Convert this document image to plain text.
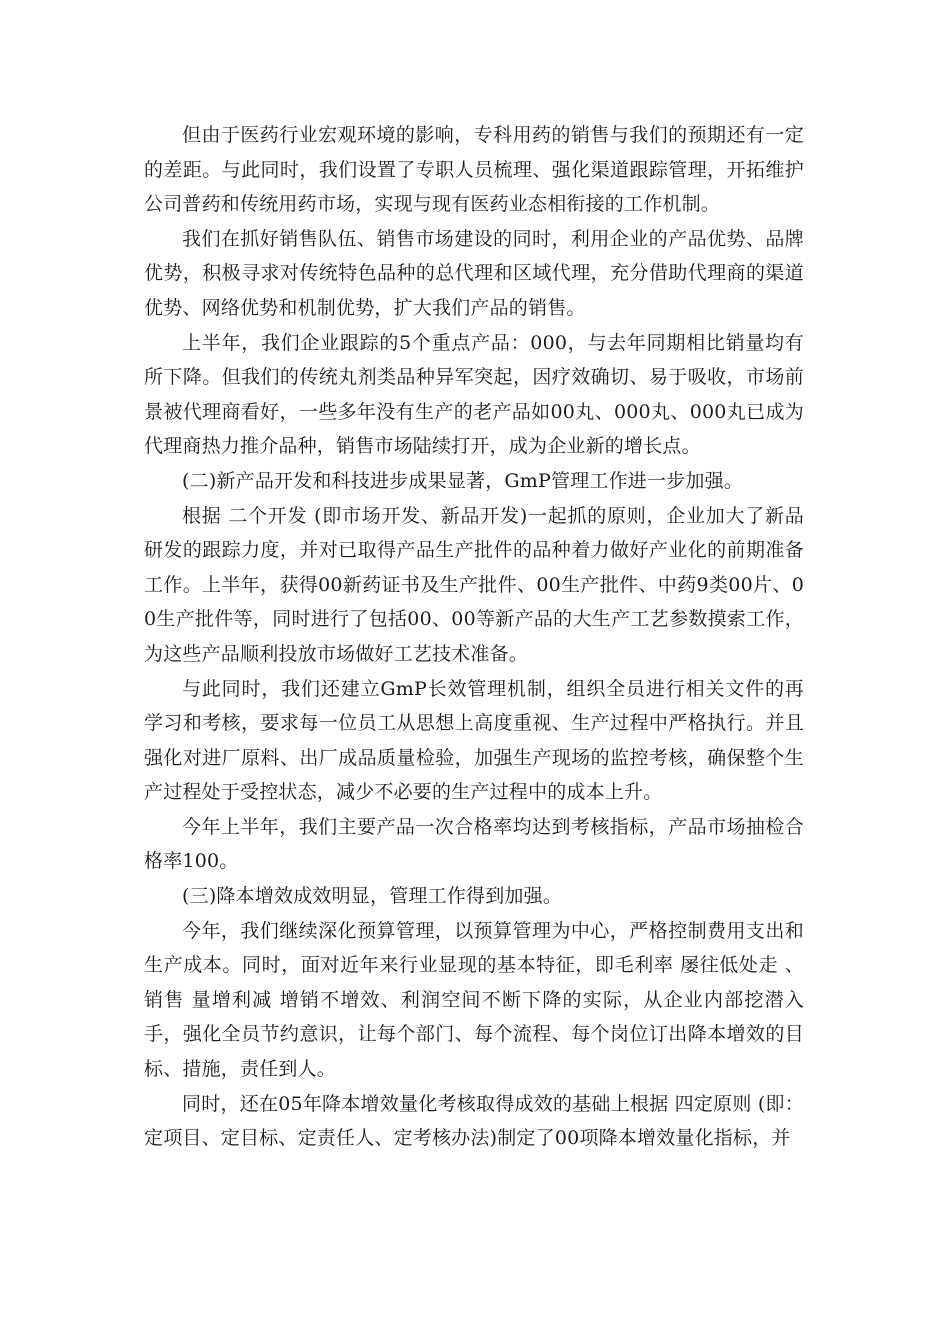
但由于医药行业宏观环境的影响，专科用药的销售与我们的预期还有一定的差距。与此同时，我们设置了专职人员梳理、强化渠道跟踪管理，开拓维护公司普药和传统用药市场，实现与现有医药业态相衔接的工作机制。

我们在抓好销售队伍、销售市场建设的同时，利用企业的产品优势、品牌优势，积极寻求对传统特色品种的总代理和区域代理，充分借助代理商的渠道优势、网络优势和机制优势，扩大我们产品的销售。

上半年，我们企业跟踪的5个重点产品：000，与去年同期相比销量均有所下降。但我们的传统丸剂类品种异军突起，因疗效确切、易于吸收，市场前景被代理商看好，一些多年没有生产的老产品如00丸、000丸、000丸已成为代理商热力推介品种，销售市场陆续打开，成为企业新的增长点。

(二)新产品开发和科技进步成果显著，GmP管理工作进一步加强。

根据 二个开发 (即市场开发、新品开发)一起抓的原则，企业加大了新品研发的跟踪力度，并对已取得产品生产批件的品种着力做好产业化的前期准备工作。上半年，获得00新药证书及生产批件、00生产批件、中药9类00片、00生产批件等，同时进行了包括00、00等新产品的大生产工艺参数摸索工作，为这些产品顺利投放市场做好工艺技术准备。

与此同时，我们还建立GmP长效管理机制，组织全员进行相关文件的再学习和考核，要求每一位员工从思想上高度重视、生产过程中严格执行。并且强化对进厂原料、出厂成品质量检验，加强生产现场的监控考核，确保整个生产过程处于受控状态，减少不必要的生产过程中的成本上升。

今年上半年，我们主要产品一次合格率均达到考核指标，产品市场抽检合格率100。

(三)降本增效成效明显，管理工作得到加强。

今年，我们继续深化预算管理，以预算管理为中心，严格控制费用支出和生产成本。同时，面对近年来行业显现的基本特征，即毛利率 屡往低处走 、销售 量增利减 增销不增效、利润空间不断下降的实际，从企业内部挖潜入手，强化全员节约意识，让每个部门、每个流程、每个岗位订出降本增效的目标、措施，责任到人。

同时，还在05年降本增效量化考核取得成效的基础上根据 四定原则 (即：定项目、定目标、定责任人、定考核办法)制定了00项降本增效量化指标，并
